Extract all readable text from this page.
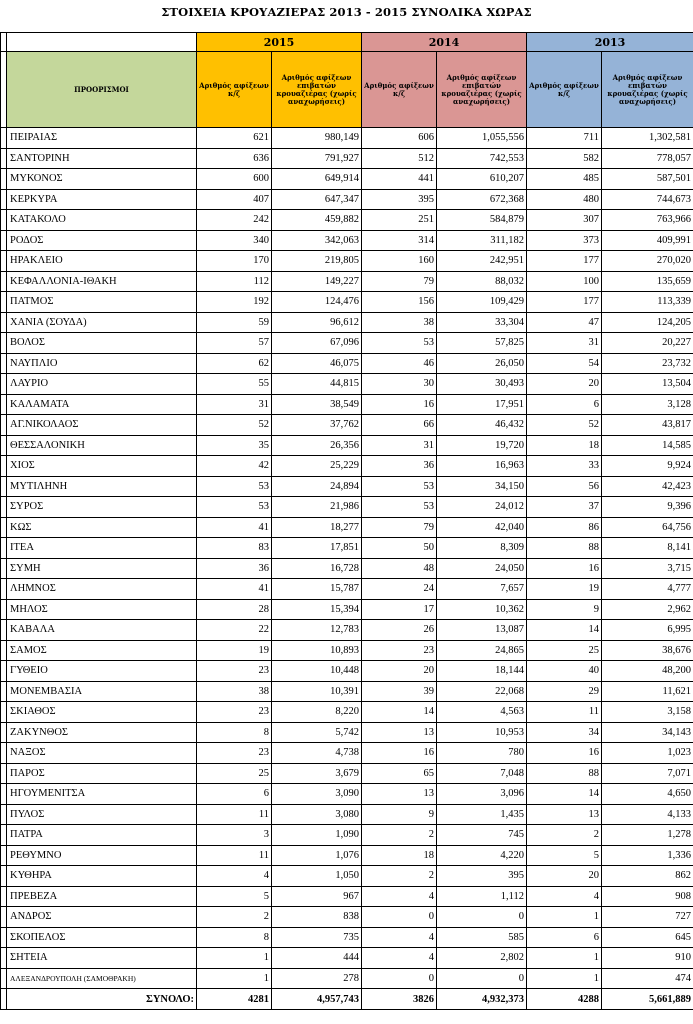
ΣΤΟΙΧΕΙΑ ΚΡΟΥΑΖΙΕΡΑΣ 2013 - 2015 ΣΥΝΟΛΙΚΑ ΧΩΡΑΣ
		2015		2014		2013	
	ΠΡΟΟΡΙΣΜΟΙ	Αριθμός αφίξεων κ/ζ	Αριθμός αφίξεων επιβατών κρουαζιέρας (χωρίς αναχωρήσεις)	Αριθμός αφίξεων κ/ζ	Αριθμός αφίξεων επιβατών κρουαζιέρας (χωρίς αναχωρήσεις)	Αριθμός αφίξεων κ/ζ	Αριθμός αφίξεων επιβατών κρουαζιέρας (χωρίς αναχωρήσεις)
	ΠΕΙΡΑΙΑΣ	621	980,149	606	1,055,556	711	1,302,581
	ΣΑΝΤΟΡΙΝΗ	636	791,927	512	742,553	582	778,057
	ΜΥΚΟΝΟΣ	600	649,914	441	610,207	485	587,501
	ΚΕΡΚΥΡΑ	407	647,347	395	672,368	480	744,673
	ΚΑΤΑΚΟΛΟ	242	459,882	251	584,879	307	763,966
	ΡΟΔΟΣ	340	342,063	314	311,182	373	409,991
	ΗΡΑΚΛΕΙΟ	170	219,805	160	242,951	177	270,020
	ΚΕΦΑΛΛΟΝΙΑ-ΙΘΑΚΗ	112	149,227	79	88,032	100	135,659
	ΠΑΤΜΟΣ	192	124,476	156	109,429	177	113,339
	ΧΑΝΙΑ (ΣΟΥΔΑ)	59	96,612	38	33,304	47	124,205
	ΒΟΛΟΣ	57	67,096	53	57,825	31	20,227
	ΝΑΥΠΛΙΟ	62	46,075	46	26,050	54	23,732
	ΛΑΥΡΙΟ	55	44,815	30	30,493	20	13,504
	ΚΑΛΑΜΑΤΑ	31	38,549	16	17,951	6	3,128
	ΑΓ.ΝΙΚΟΛΑΟΣ	52	37,762	66	46,432	52	43,817
	ΘΕΣΣΑΛΟΝΙΚΗ	35	26,356	31	19,720	18	14,585
	ΧΙΟΣ	42	25,229	36	16,963	33	9,924
	ΜΥΤΙΛΗΝΗ	53	24,894	53	34,150	56	42,423
	ΣΥΡΟΣ	53	21,986	53	24,012	37	9,396
	ΚΩΣ	41	18,277	79	42,040	86	64,756
	ΙΤΕΑ	83	17,851	50	8,309	88	8,141
	ΣΥΜΗ	36	16,728	48	24,050	16	3,715
	ΛΗΜΝΟΣ	41	15,787	24	7,657	19	4,777
	ΜΗΛΟΣ	28	15,394	17	10,362	9	2,962
	ΚΑΒΑΛΑ	22	12,783	26	13,087	14	6,995
	ΣΑΜΟΣ	19	10,893	23	24,865	25	38,676
	ΓΥΘΕΙΟ	23	10,448	20	18,144	40	48,200
	ΜΟΝΕΜΒΑΣΙΑ	38	10,391	39	22,068	29	11,621
	ΣΚΙΑΘΟΣ	23	8,220	14	4,563	11	3,158
	ΖΑΚΥΝΘΟΣ	8	5,742	13	10,953	34	34,143
	ΝΑΞΟΣ	23	4,738	16	780	16	1,023
	ΠΑΡΟΣ	25	3,679	65	7,048	88	7,071
	ΗΓΟΥΜΕΝΙΤΣΑ	6	3,090	13	3,096	14	4,650
	ΠΥΛΟΣ	11	3,080	9	1,435	13	4,133
	ΠΑΤΡΑ	3	1,090	2	745	2	1,278
	ΡΕΘΥΜΝΟ	11	1,076	18	4,220	5	1,336
	ΚΥΘΗΡΑ	4	1,050	2	395	20	862
	ΠΡΕΒΕΖΑ	5	967	4	1,112	4	908
	ΑΝΔΡΟΣ	2	838	0	0	1	727
	ΣΚΟΠΕΛΟΣ	8	735	4	585	6	645
	ΣΗΤΕΙΑ	1	444	4	2,802	1	910
	ΑΛΕΞΑΝΔΡΟΥΠΟΛΗ (ΣΑΜΟΘΡΑΚΗ)	1	278	0	0	1	474
	ΣΥΝΟΛΟ:	4281	4,957,743	3826	4,932,373	4288	5,661,889
